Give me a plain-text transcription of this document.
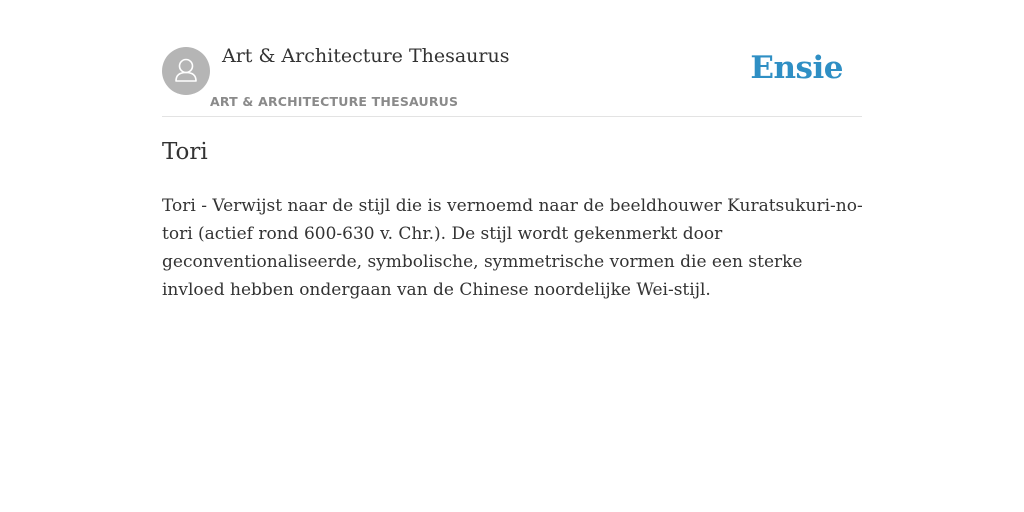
Art & Architecture Thesaurus
ART & ARCHITECTURE THESAURUS
Ensie
Tori

Tori - Verwijst naar de stijl die is vernoemd naar de beeldhouwer Kuratsukuri-no-tori (actief rond 600-630 v. Chr.). De stijl wordt gekenmerkt door geconventionaliseerde, symbolische, symmetrische vormen die een sterke invloed hebben ondergaan van de Chinese noordelijke Wei-stijl.
